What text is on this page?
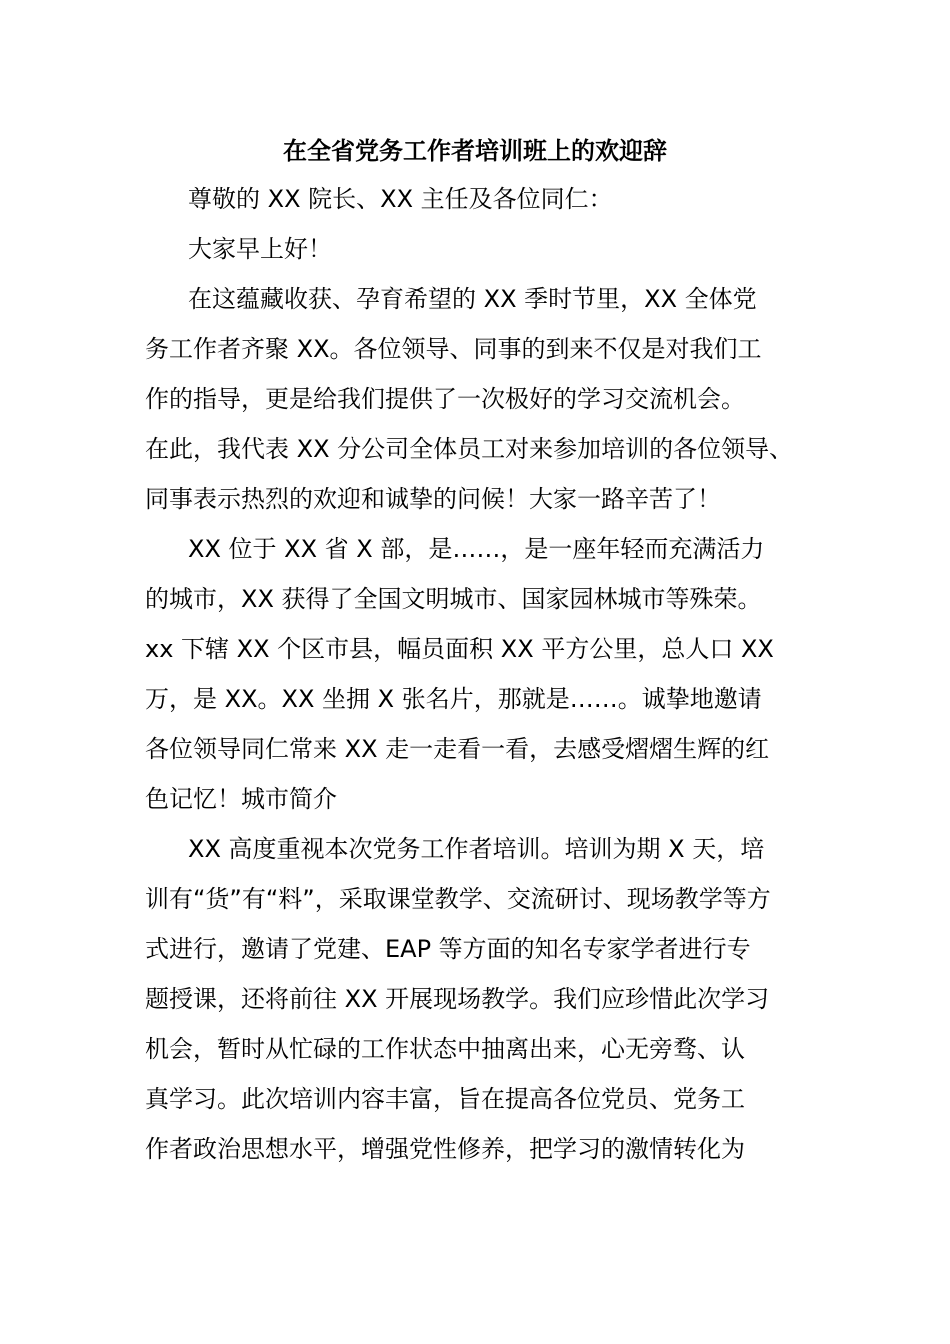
在全省党务工作者培训班上的欢迎辞
尊敬的 XX 院长、XX 主任及各位同仁：
大家早上好！
在这蕴藏收获、孕育希望的 XX 季时节里，XX 全体党
务工作者齐聚 XX。各位领导、同事的到来不仅是对我们工
作的指导，更是给我们提供了一次极好的学习交流机会。
在此，我代表 XX 分公司全体员工对来参加培训的各位领导、
同事表示热烈的欢迎和诚挚的问候！大家一路辛苦了！
XX 位于 XX 省 X 部，是……，是一座年轻而充满活力
的城市，XX 获得了全国文明城市、国家园林城市等殊荣。
xx 下辖 XX 个区市县，幅员面积 XX 平方公里，总人口 XX
万，是 XX。XX 坐拥 X 张名片，那就是……。诚挚地邀请
各位领导同仁常来 XX 走一走看一看，去感受熠熠生辉的红
色记忆！城市简介
XX 高度重视本次党务工作者培训。培训为期 X 天，培
训有“货”有“料”，采取课堂教学、交流研讨、现场教学等方
式进行，邀请了党建、EAP 等方面的知名专家学者进行专
题授课，还将前往 XX 开展现场教学。我们应珍惜此次学习
机会，暂时从忙碌的工作状态中抽离出来，心无旁骛、认
真学习。此次培训内容丰富，旨在提高各位党员、党务工
作者政治思想水平，增强党性修养，把学习的激情转化为
